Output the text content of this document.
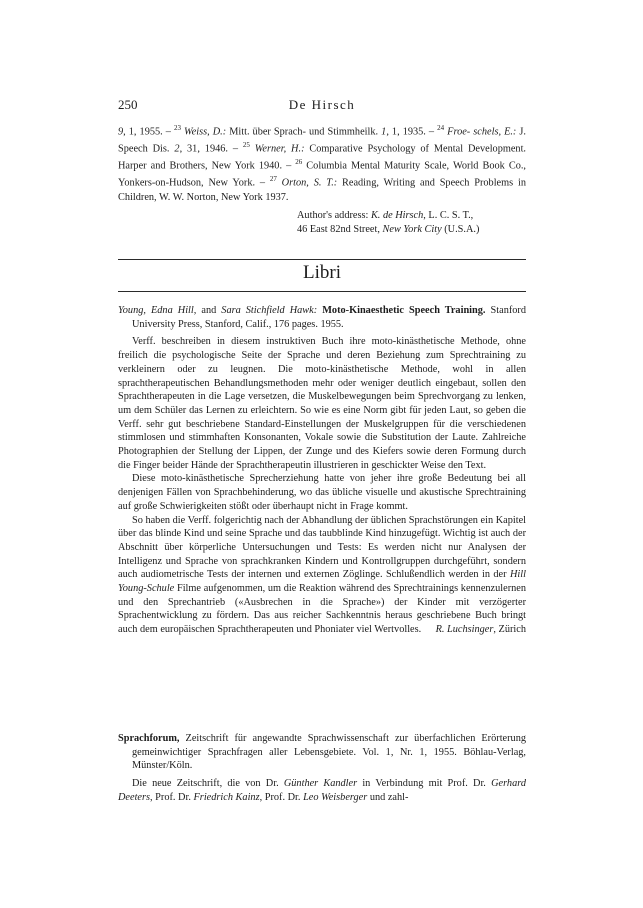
250	De Hirsch

9, 1, 1955. – $^{23}$ Weiss, D.: Mitt. über Sprach- und Stimmheilk. 1, 1, 1935. – $^{24}$ Froe- schels, E.: J. Speech Dis. 2, 31, 1946. – $^{25}$ Werner, H.: Comparative Psychology of Mental Development. Harper and Brothers, New York 1940. – $^{26}$ Columbia Mental Maturity Scale, World Book Co., Yonkers-on-Hudson, New York. – $^{27}$ Orton, S. T.: Reading, Writing and Speech Problems in Children, W. W. Norton, New York 1937.

Author's address: K. de Hirsch, L. C. S. T.,
46 East 82nd Street, New York City (U.S.A.)
Libri

Young, Edna Hill, and Sara Stichfield Hawk: Moto-Kinaesthetic Speech Training. Stanford University Press, Stanford, Calif., 176 pages. 1955.

Verff. beschreiben in diesem instruktiven Buch ihre moto-kinästhetische Methode, ohne freilich die psychologische Seite der Sprache und deren Beziehung zum Sprechtraining zu verkleinern oder zu leugnen. Die moto-kinästhetische Methode, wohl in allen sprachtherapeutischen Behandlungsmethoden mehr oder weniger deutlich eingebaut, sollen den Sprachtherapeuten in die Lage versetzen, die Muskelbewegungen beim Sprechvorgang zu lenken, um dem Schüler das Lernen zu erleichtern. So wie es eine Norm gibt für jeden Laut, so geben die Verff. sehr gut beschriebene Standard-Einstellungen der Muskelgruppen für die verschiedenen stimmlosen und stimmhaften Konsonanten, Vokale sowie die Substitution der Laute. Zahlreiche Photographien der Stellung der Lippen, der Zunge und des Kiefers sowie deren Formung durch die Finger beider Hände der Sprachtherapeutin illustrieren in geschickter Weise den Text.

Diese moto-kinästhetische Sprecherziehung hatte von jeher ihre große Bedeutung bei all denjenigen Fällen von Sprachbehinderung, wo das übliche visuelle und akustische Sprechtraining auf große Schwierigkeiten stößt oder überhaupt nicht in Frage kommt.

So haben die Verff. folgerichtig nach der Abhandlung der üblichen Sprachstörungen ein Kapitel über das blinde Kind und seine Sprache und das taubblinde Kind hinzugefügt. Wichtig ist auch der Abschnitt über körperliche Untersuchungen und Tests: Es werden nicht nur Analysen der Intelligenz und Sprache von sprachkranken Kindern und Kontrollgruppen durchgeführt, sondern auch audiometrische Tests der internen und externen Zöglinge. Schlußendlich werden in der Hill Young-Schule Filme aufgenommen, um die Reaktion während des Sprechtrainings kennenzulernen und den Sprechantrieb («Ausbrechen in die Sprache») der Kinder mit verzögerter Sprachentwicklung zu fördern. Das aus reicher Sachkenntnis heraus geschriebene Buch bringt auch dem europäischen Sprachtherapeuten und Phoniater viel Wertvolles.	R. Luchsinger, Zürich

Sprachforum, Zeitschrift für angewandte Sprachwissenschaft zur überfachlichen Erörterung gemeinwichtiger Sprachfragen aller Lebensgebiete. Vol. 1, Nr. 1, 1955. Böhlau-Verlag, Münster/Köln.

Die neue Zeitschrift, die von Dr. Günther Kandler in Verbindung mit Prof. Dr. Gerhard Deeters, Prof. Dr. Friedrich Kainz, Prof. Dr. Leo Weisberger und zahl-
